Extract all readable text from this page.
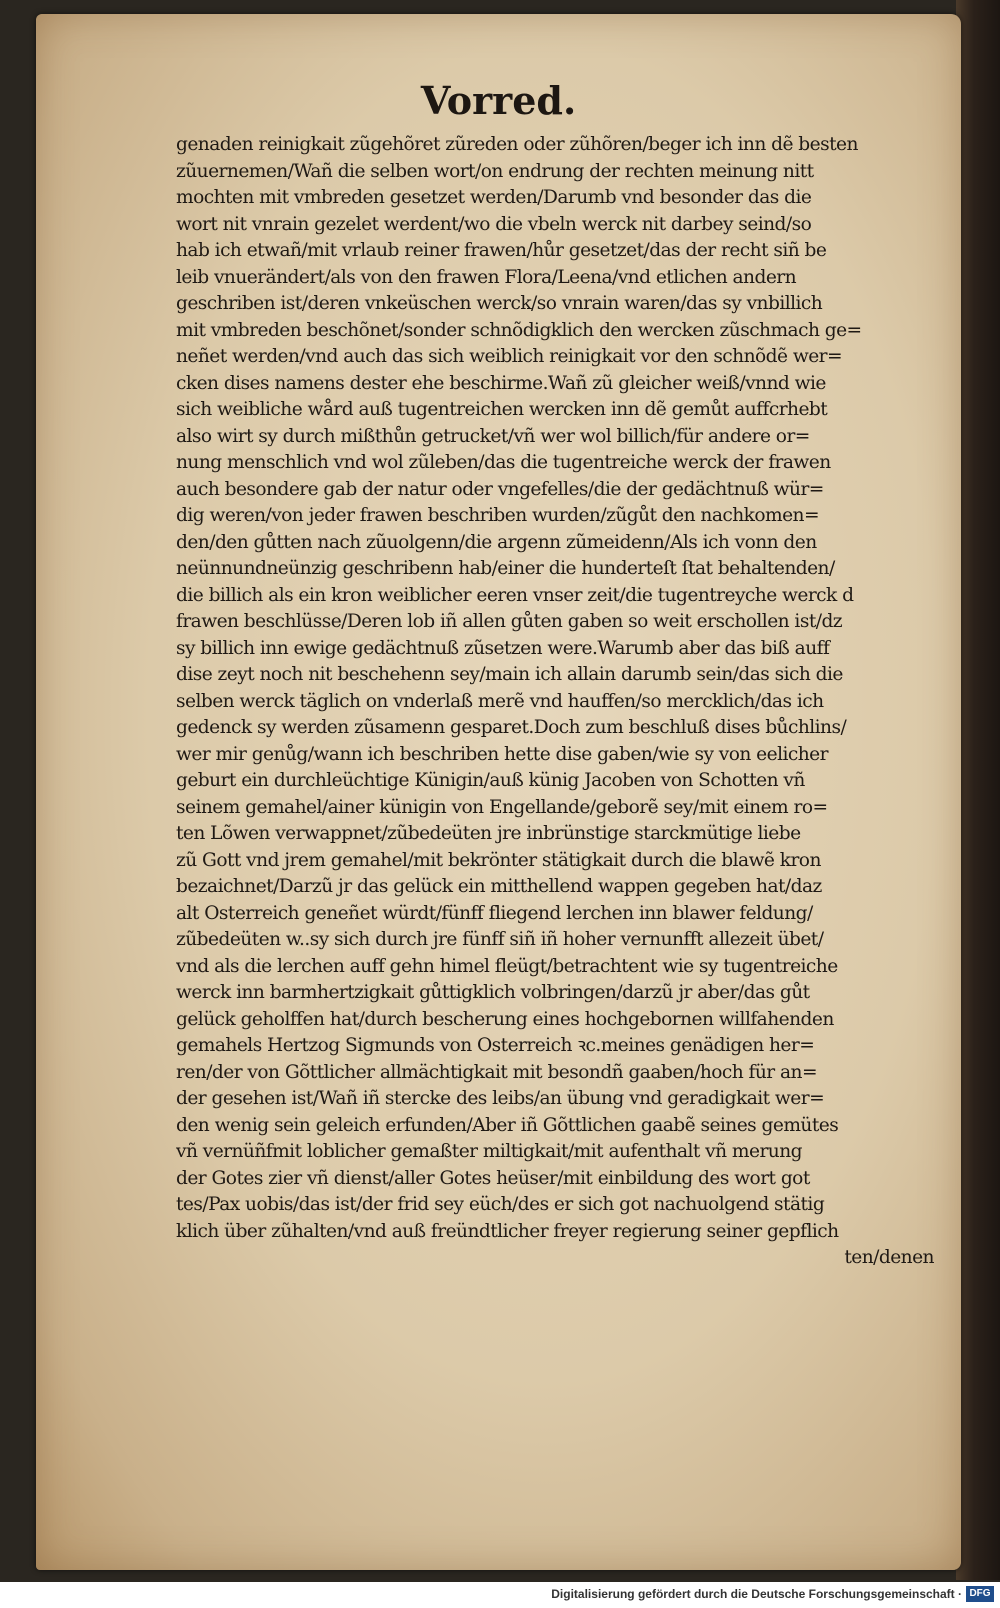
Vorred.
genaden reinigkait zũgehõret zũreden oder zũhõren/beger ich inn dẽ besten
zũuernemen/Wañ die selben wort/on endrung der rechten meinung nitt
mochten mit vmbreden gesetzet werden/Darumb vnd besonder das die
wort nit vnrain gezelet werdent/wo die vbeln werck nit darbey seind/so
hab ich etwañ/mit vrlaub reiner frawen/hůr gesetzet/das der recht siñ be
leib vnuerändert/als von den frawen Flora/Leena/vnd etlichen andern
geschriben ist/deren vnkeüschen werck/so vnrain waren/das sy vnbillich
mit vmbreden beschõnet/sonder schnõdigklich den wercken zũschmach ge=
neñet werden/vnd auch das sich weiblich reinigkait vor den schnõdẽ wer=
cken dises namens dester ehe beschirme.Wañ zũ gleicher weiß/vnnd wie
sich weibliche wård auß tugentreichen wercken inn dẽ gemůt auffcrhebt
also wirt sy durch mißthůn getrucket/vñ wer wol billich/für andere or=
nung menschlich vnd wol zũleben/das die tugentreiche werck der frawen
auch besondere gab der natur oder vngefelles/die der gedächtnuß wür=
dig weren/von jeder frawen beschriben wurden/zũgůt den nachkomen=
den/den gůtten nach zũuolgenn/die argenn zũmeidenn/Als ich vonn den
neünnundneünzig geschribenn hab/einer die hunderteſt ſtat behaltenden/
die billich als ein kron weiblicher eeren vnser zeit/die tugentreyche werck d
frawen beschlüsse/Deren lob iñ allen gůten gaben so weit erschollen ist/dz
sy billich inn ewige gedächtnuß zũsetzen were.Warumb aber das biß auff
dise zeyt noch nit beschehenn sey/main ich allain darumb sein/das sich die
selben werck täglich on vnderlaß merẽ vnd hauffen/so mercklich/das ich
gedenck sy werden zũsamenn gesparet.Doch zum beschluß dises bůchlins/
wer mir genůg/wann ich beschriben hette dise gaben/wie sy von eelicher
geburt ein durchleüchtige Künigin/auß künig Jacoben von Schotten vñ
seinem gemahel/ainer künigin von Engellande/geborẽ sey/mit einem ro=
ten Lõwen verwappnet/zũbedeüten jre inbrünstige starckmütige liebe
zũ Gott vnd jrem gemahel/mit bekrönter stätigkait durch die blawẽ kron
bezaichnet/Darzũ jr das gelück ein mitthellend wappen gegeben hat/daz
alt Osterreich geneñet würdt/fünff fliegend lerchen inn blawer feldung/
zũbedeüten w..sy sich durch jre fünff siñ iñ hoher vernunfft allezeit übet/
vnd als die lerchen auff gehn himel fleügt/betrachtent wie sy tugentreiche
werck inn barmhertzigkait gůttigklich volbringen/darzũ jr aber/das gůt
gelück geholffen hat/durch bescherung eines hochgebornen willfahenden
gemahels Hertzog Sigmunds von Osterreich ꝛc.meines genädigen her=
ren/der von Gõttlicher allmächtigkait mit besondñ gaaben/hoch für an=
der gesehen ist/Wañ iñ stercke des leibs/an übung vnd geradigkait wer=
den wenig sein geleich erfunden/Aber iñ Gõttlichen gaabẽ seines gemütes
vñ vernüñfmit loblicher gemaßter miltigkait/mit aufenthalt vñ merung
der Gotes zier vñ dienst/aller Gotes heüser/mit einbildung des wort got
tes/Pax uobis/das ist/der frid sey eüch/des er sich got nachuolgend stätig
klich über zũhalten/vnd auß freündtlicher freyer regierung seiner gepflich
ten/denen
Digitalisierung gefördert durch die Deutsche Forschungsgemeinschaft · DFG
